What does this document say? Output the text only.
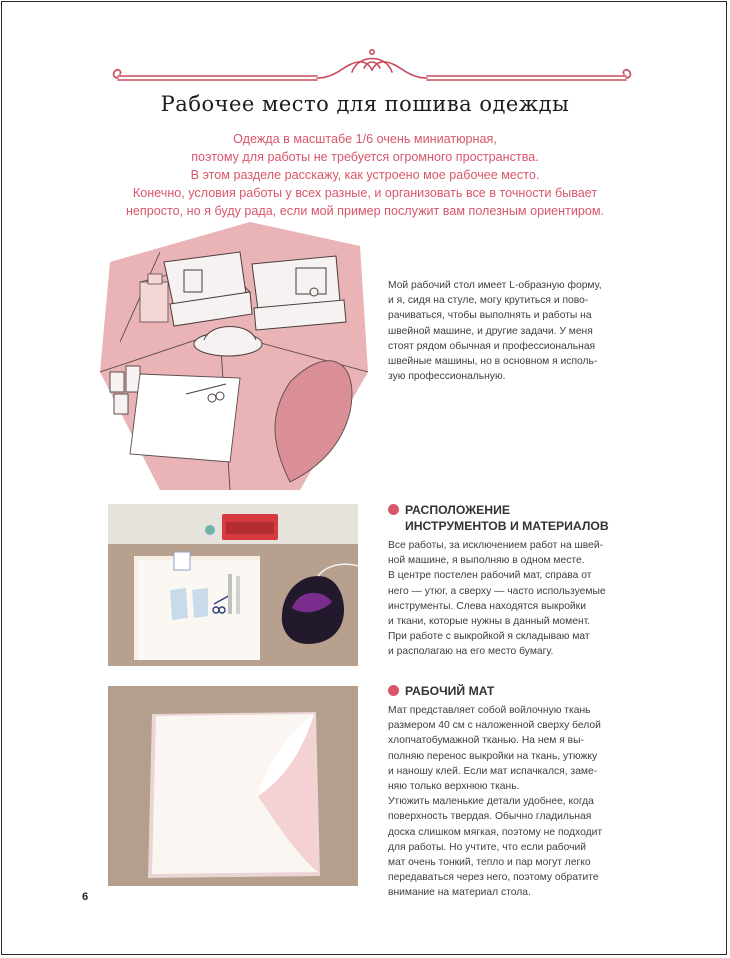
Рабочее место для пошива одежды
Одежда в масштабе 1/6 очень миниатюрная,
поэтому для работы не требуется огромного пространства.
В этом разделе расскажу, как устроено мое рабочее место.
Конечно, условия работы у всех разные, и организовать все в точности бывает
непросто, но я буду рада, если мой пример послужит вам полезным ориентиром.
Мой рабочий стол имеет L-образную форму,
и я, сидя на стуле, могу крутиться и пово-
рачиваться, чтобы выполнять и работы на
швейной машине, и другие задачи. У меня
стоят рядом обычная и профессиональная
швейные машины, но в основном я исполь-
зую профессиональную.
РАСПОЛОЖЕНИЕ
ИНСТРУМЕНТОВ И МАТЕРИАЛОВ
Все работы, за исключением работ на швей-
ной машине, я выполняю в одном месте.
В центре постелен рабочий мат, справа от
него — утюг, а сверху — часто используемые
инструменты. Слева находятся выкройки
и ткани, которые нужны в данный момент.
При работе с выкройкой я складываю мат
и располагаю на его место бумагу.
РАБОЧИЙ МАТ
Мат представляет собой войлочную ткань
размером 40 см с наложенной сверху белой
хлопчатобумажной тканью. На нем я вы-
полняю перенос выкройки на ткань, утюжку
и наношу клей. Если мат испачкался, заме-
няю только верхнюю ткань.
Утюжить маленькие детали удобнее, когда
поверхность твердая. Обычно гладильная
доска слишком мягкая, поэтому не подходит
для работы. Но учтите, что если рабочий
мат очень тонкий, тепло и пар могут легко
передаваться через него, поэтому обратите
внимание на материал стола.
6
